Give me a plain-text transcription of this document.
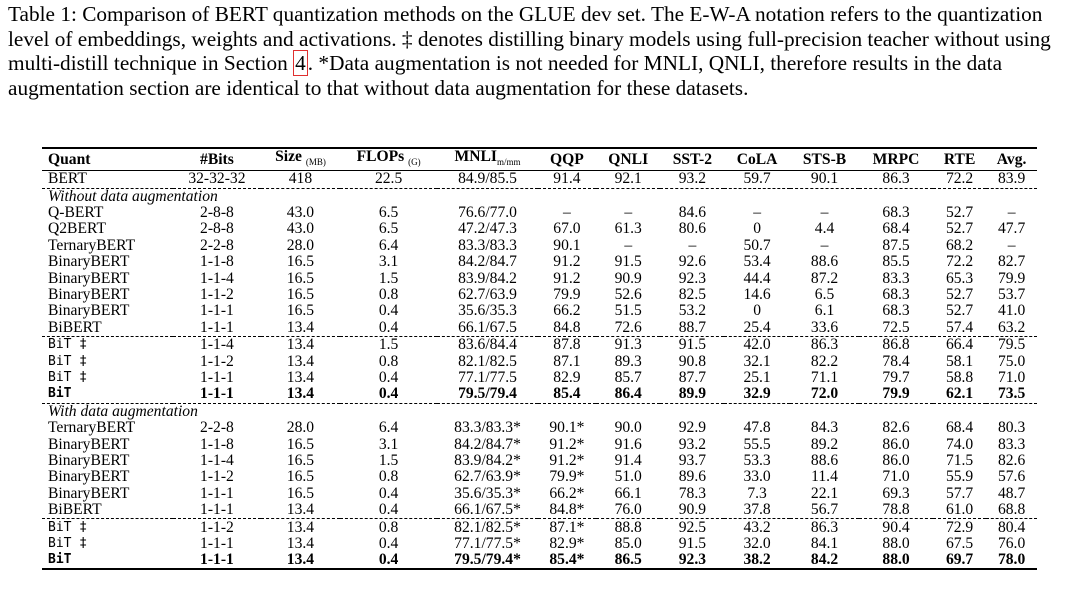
Table 1: Comparison of BERT quantization methods on the GLUE dev set. The E-W-A notation refers to the quantization level of embeddings, weights and activations. ‡ denotes distilling binary models using full-precision teacher without using multi-distill technique in Section 4. *Data augmentation is not needed for MNLI, QNLI, therefore results in the data augmentation section are identical to that without data augmentation for these datasets.
Quant	#Bits	Size $_{(MB)}$	FLOPs $_{(G)}$	$MNLI_{m/mm}$	QQP	QNLI	SST-2	CoLA	STS-B	MRPC	RTE	Avg.
BERT	32-32-32	418	22.5	84.9/85.5	91.4	92.1	93.2	59.7	90.1	86.3	72.2	83.9
Without data augmentation												
Q-BERT	2-8-8	43.0	6.5	76.6/77.0	–	–	84.6	–	–	68.3	52.7	–
Q2BERT	2-8-8	43.0	6.5	47.2/47.3	67.0	61.3	80.6	0	4.4	68.4	52.7	47.7
TernaryBERT	2-2-8	28.0	6.4	83.3/83.3	90.1	–	–	50.7	–	87.5	68.2	–
BinaryBERT	1-1-8	16.5	3.1	84.2/84.7	91.2	91.5	92.6	53.4	88.6	85.5	72.2	82.7
BinaryBERT	1-1-4	16.5	1.5	83.9/84.2	91.2	90.9	92.3	44.4	87.2	83.3	65.3	79.9
BinaryBERT	1-1-2	16.5	0.8	62.7/63.9	79.9	52.6	82.5	14.6	6.5	68.3	52.7	53.7
BinaryBERT	1-1-1	16.5	0.4	35.6/35.3	66.2	51.5	53.2	0	6.1	68.3	52.7	41.0
BiBERT	1-1-1	13.4	0.4	66.1/67.5	84.8	72.6	88.7	25.4	33.6	72.5	57.4	63.2
BiT ‡	1-1-4	13.4	1.5	83.6/84.4	87.8	91.3	91.5	42.0	86.3	86.8	66.4	79.5
BiT ‡	1-1-2	13.4	0.8	82.1/82.5	87.1	89.3	90.8	32.1	82.2	78.4	58.1	75.0
BiT ‡	1-1-1	13.4	0.4	77.1/77.5	82.9	85.7	87.7	25.1	71.1	79.7	58.8	71.0
BiT	1-1-1	13.4	0.4	79.5/79.4	85.4	86.4	89.9	32.9	72.0	79.9	62.1	73.5
With data augmentation												
TernaryBERT	2-2-8	28.0	6.4	83.3/83.3*	90.1*	90.0	92.9	47.8	84.3	82.6	68.4	80.3
BinaryBERT	1-1-8	16.5	3.1	84.2/84.7*	91.2*	91.6	93.2	55.5	89.2	86.0	74.0	83.3
BinaryBERT	1-1-4	16.5	1.5	83.9/84.2*	91.2*	91.4	93.7	53.3	88.6	86.0	71.5	82.6
BinaryBERT	1-1-2	16.5	0.8	62.7/63.9*	79.9*	51.0	89.6	33.0	11.4	71.0	55.9	57.6
BinaryBERT	1-1-1	16.5	0.4	35.6/35.3*	66.2*	66.1	78.3	7.3	22.1	69.3	57.7	48.7
BiBERT	1-1-1	13.4	0.4	66.1/67.5*	84.8*	76.0	90.9	37.8	56.7	78.8	61.0	68.8
BiT ‡	1-1-2	13.4	0.8	82.1/82.5*	87.1*	88.8	92.5	43.2	86.3	90.4	72.9	80.4
BiT ‡	1-1-1	13.4	0.4	77.1/77.5*	82.9*	85.0	91.5	32.0	84.1	88.0	67.5	76.0
BiT	1-1-1	13.4	0.4	79.5/79.4*	85.4*	86.5	92.3	38.2	84.2	88.0	69.7	78.0
